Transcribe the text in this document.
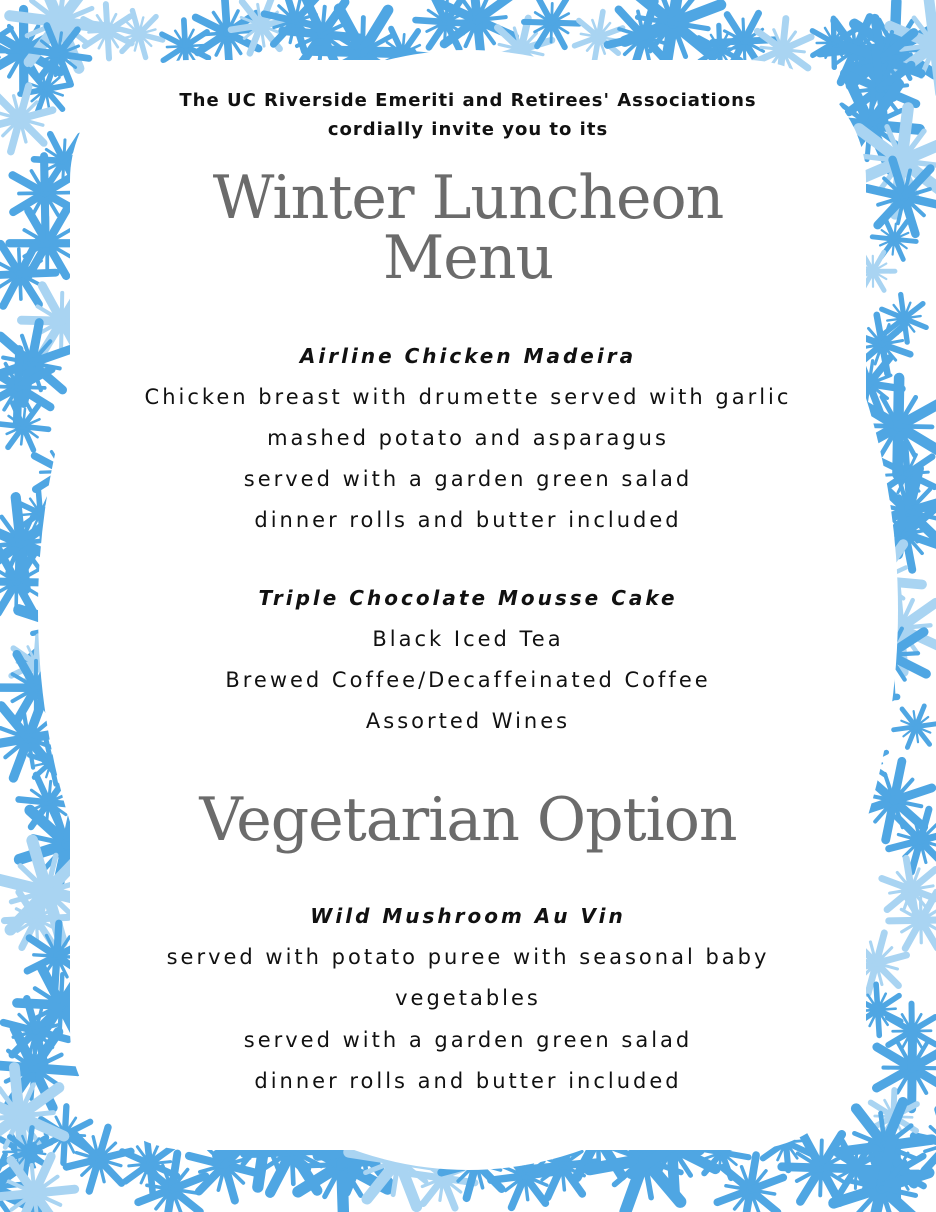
The UC Riverside Emeriti and Retirees' Associations
cordially invite you to its
Winter Luncheon
Menu
Airline Chicken Madeira
Chicken breast with drumette served with garlic
mashed potato and asparagus
served with a garden green salad
dinner rolls and butter included
Triple Chocolate Mousse Cake
Black Iced Tea
Brewed Coffee/Decaffeinated Coffee
Assorted Wines
Vegetarian Option
Wild Mushroom Au Vin
served with potato puree with seasonal baby
vegetables
served with a garden green salad
dinner rolls and butter included
